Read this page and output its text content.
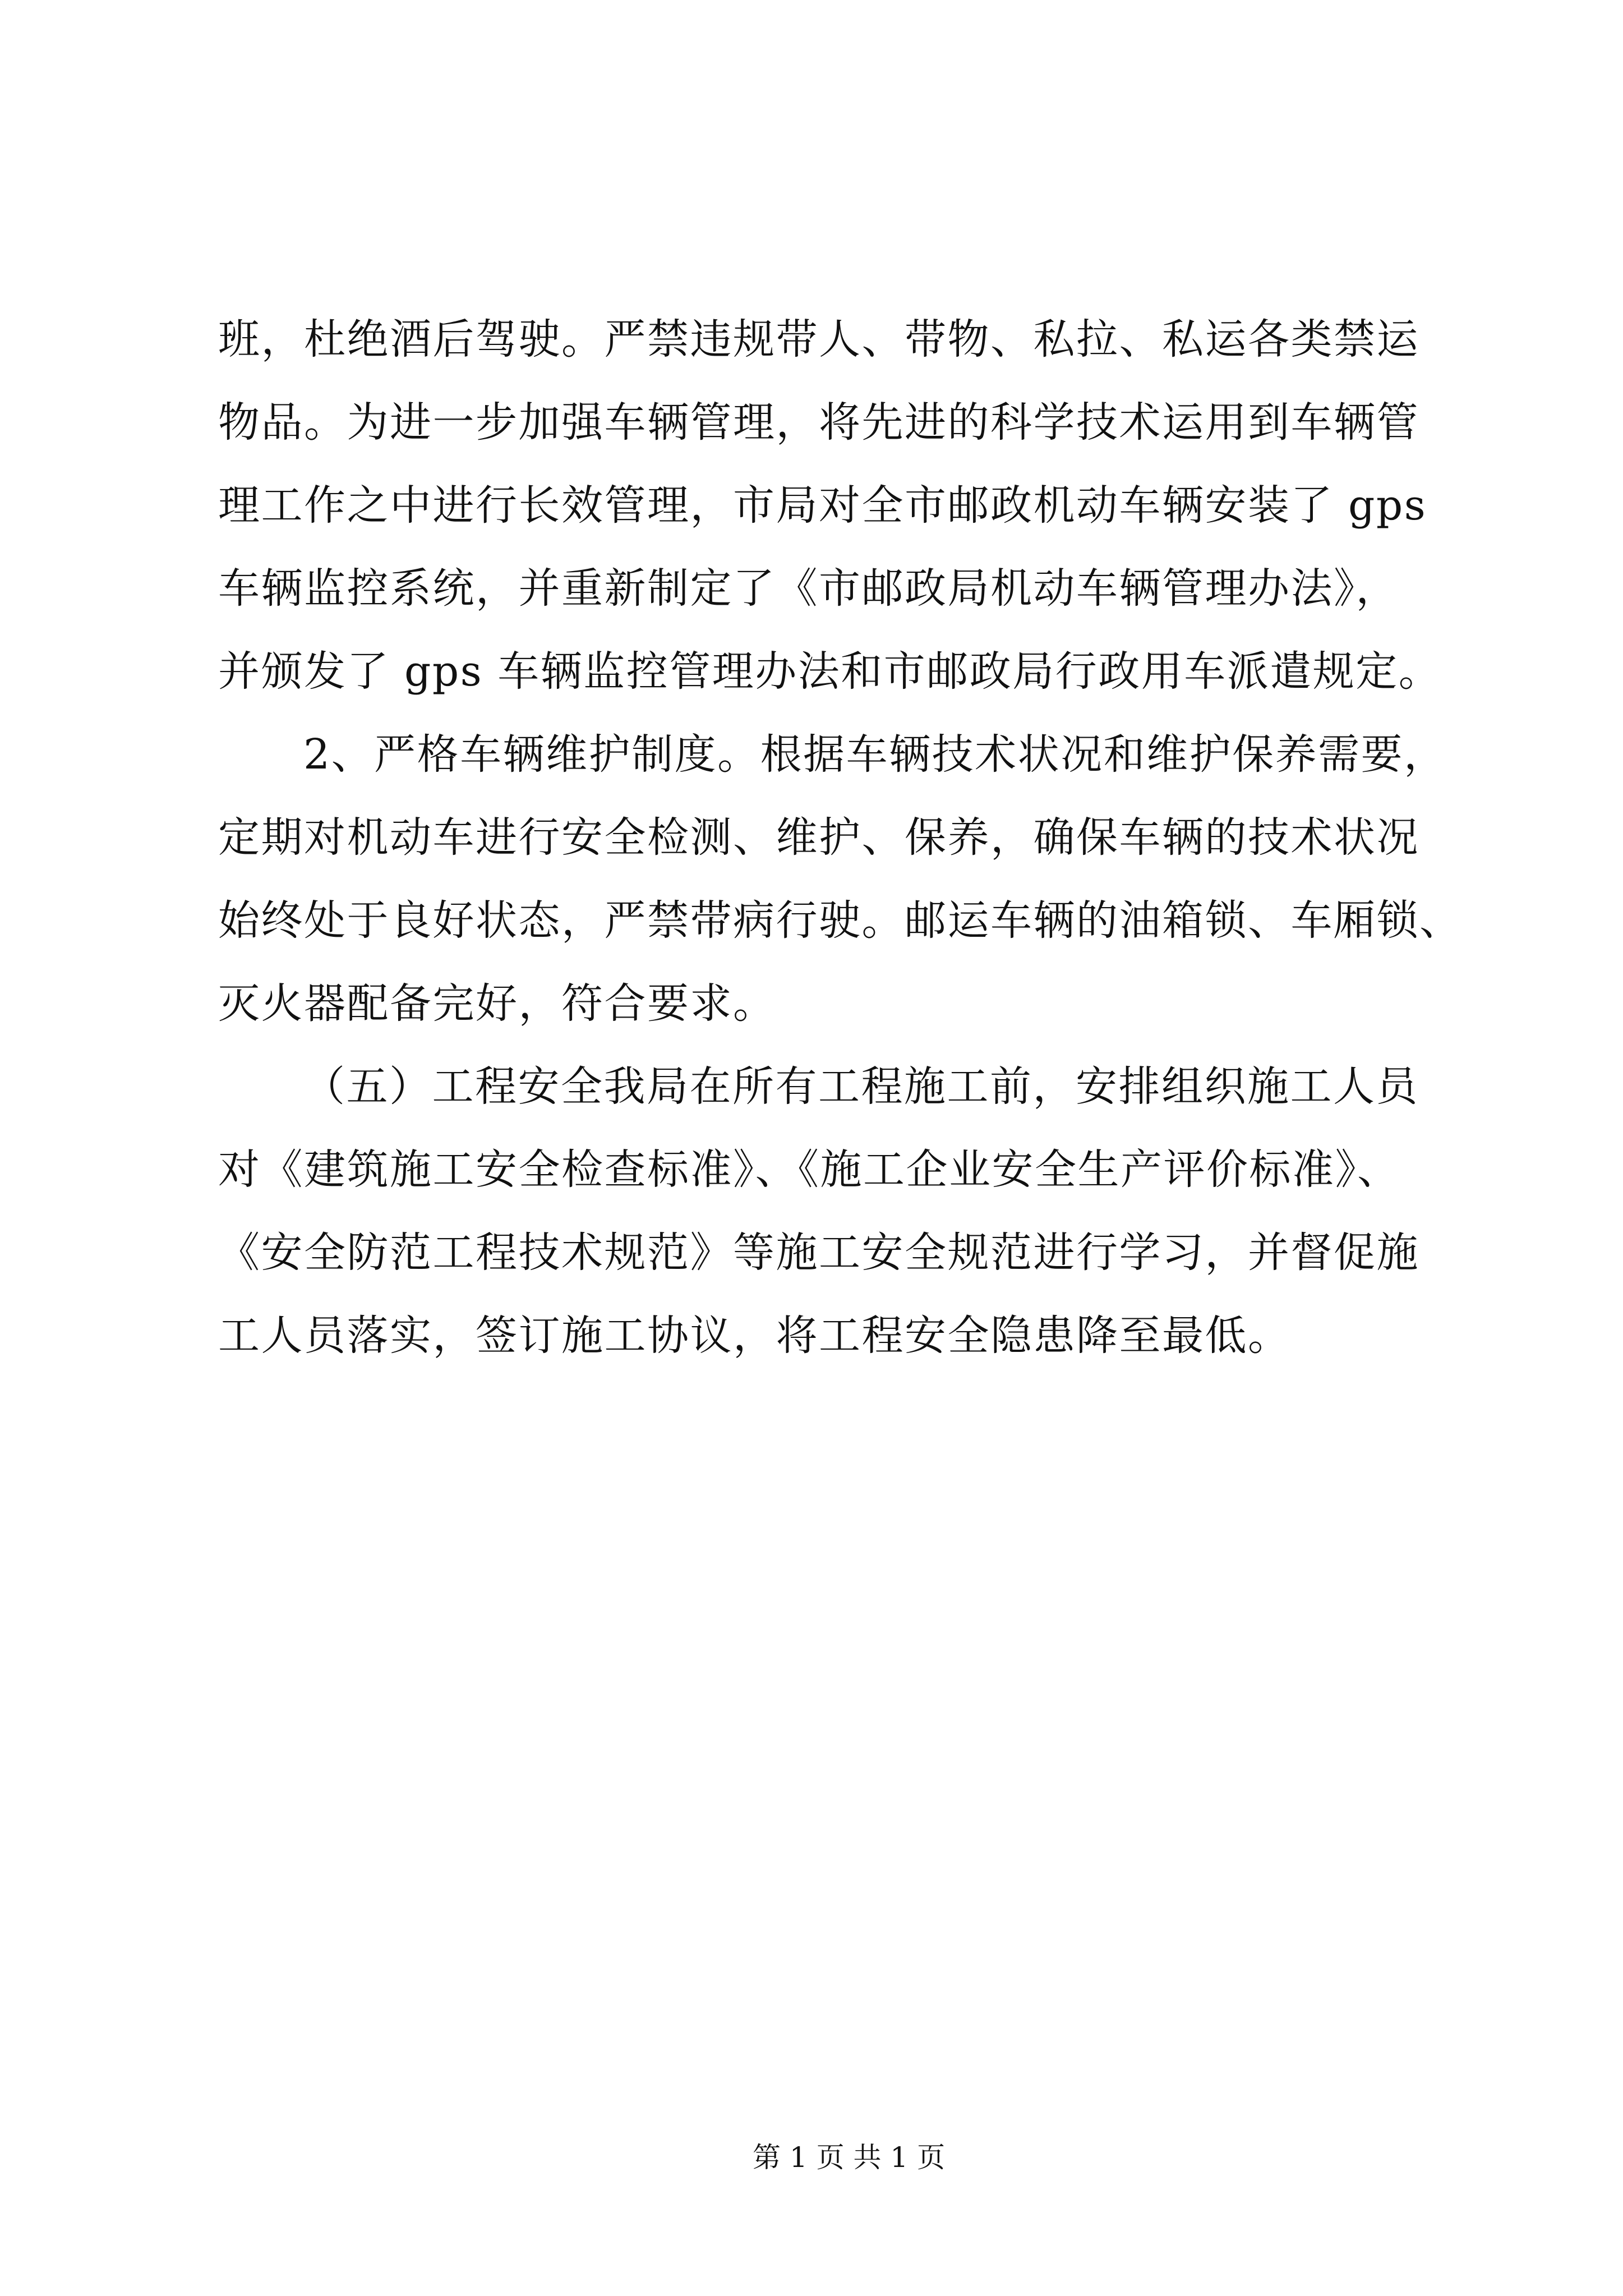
班，杜绝酒后驾驶。严禁违规带人、带物、私拉、私运各类禁运
物品。为进一步加强车辆管理，将先进的科学技术运用到车辆管
理工作之中进行长效管理，市局对全市邮政机动车辆安装了 gps
车辆监控系统，并重新制定了《市邮政局机动车辆管理办法》，
并颁发了 gps 车辆监控管理办法和市邮政局行政用车派遣规定。
2、严格车辆维护制度。根据车辆技术状况和维护保养需要，
定期对机动车进行安全检测、维护、保养，确保车辆的技术状况
始终处于良好状态，严禁带病行驶。邮运车辆的油箱锁、车厢锁、
灭火器配备完好，符合要求。
（五）工程安全我局在所有工程施工前，安排组织施工人员
对《建筑施工安全检查标准》、《施工企业安全生产评价标准》、
《安全防范工程技术规范》等施工安全规范进行学习，并督促施
工人员落实，签订施工协议，将工程安全隐患降至最低。
第 1 页 共 1 页
